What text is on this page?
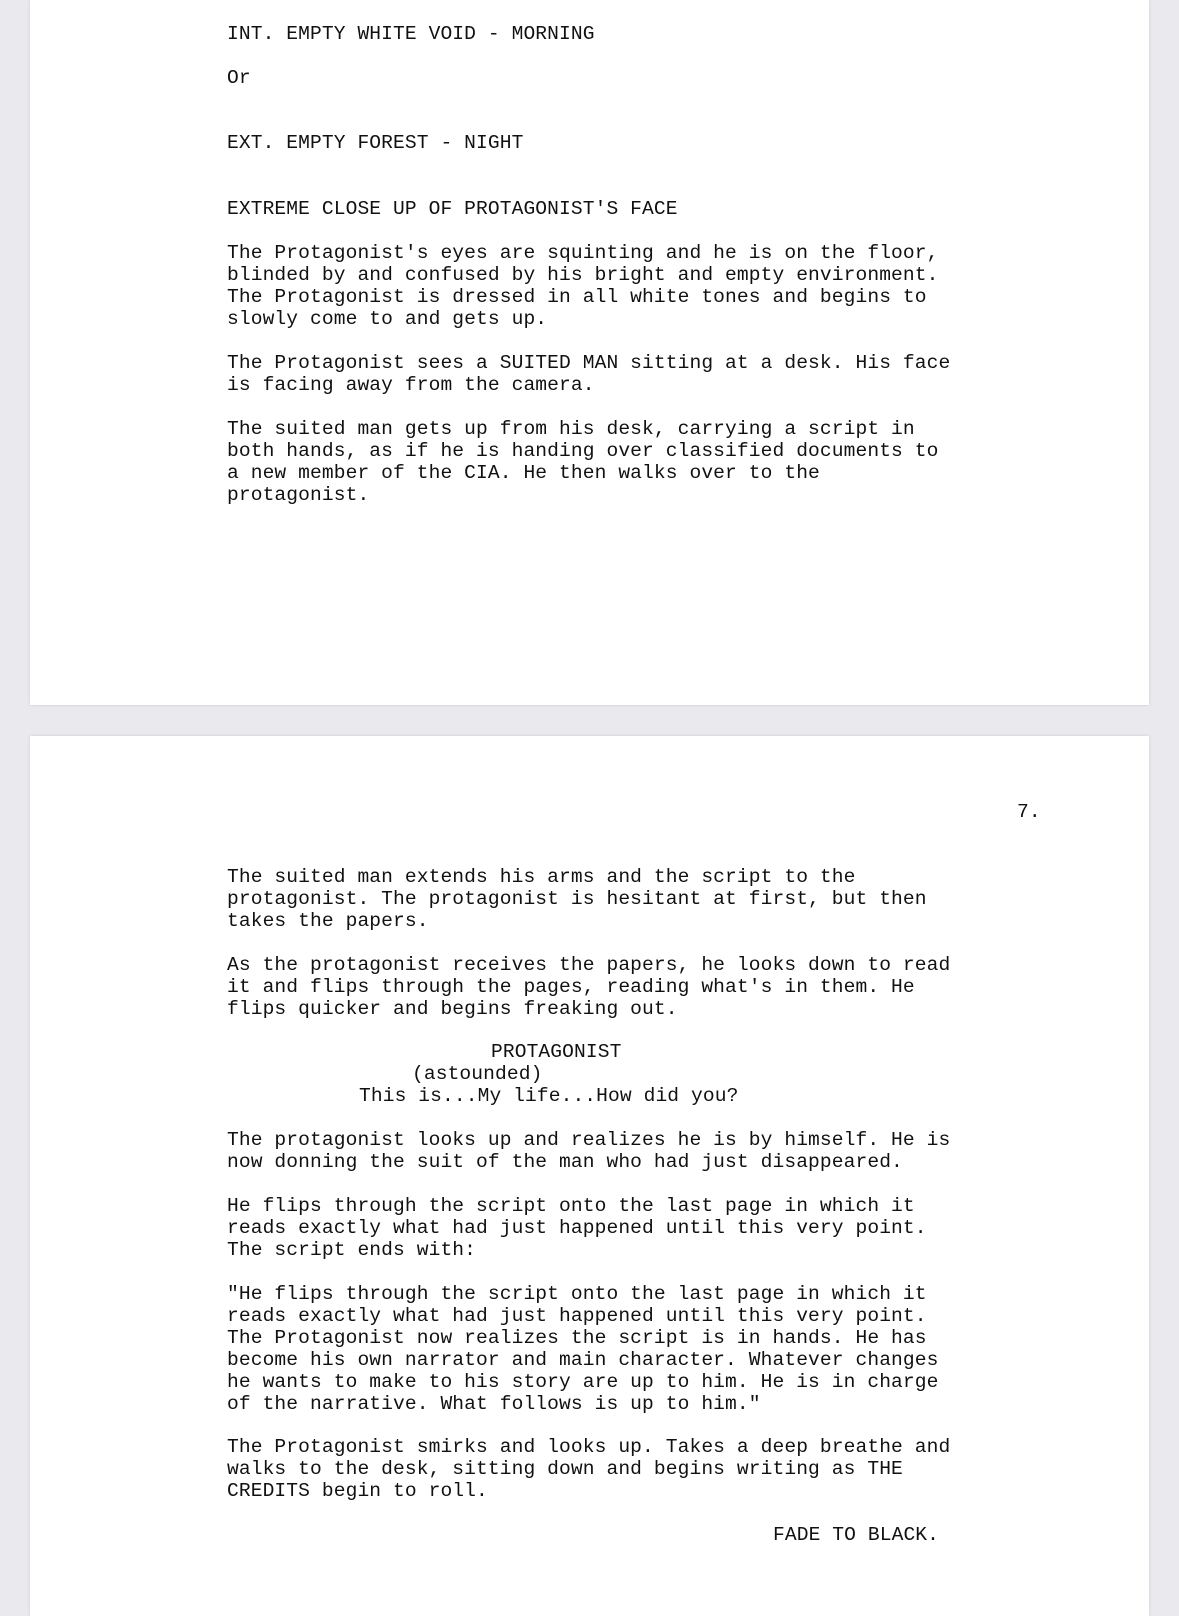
INT. EMPTY WHITE VOID - MORNING
Or
EXT. EMPTY FOREST - NIGHT
EXTREME CLOSE UP OF PROTAGONIST'S FACE
The Protagonist's eyes are squinting and he is on the floor,
blinded by and confused by his bright and empty environment.
The Protagonist is dressed in all white tones and begins to
slowly come to and gets up.
The Protagonist sees a SUITED MAN sitting at a desk. His face
is facing away from the camera.
The suited man gets up from his desk, carrying a script in
both hands, as if he is handing over classified documents to
a new member of the CIA. He then walks over to the
protagonist.
7.
The suited man extends his arms and the script to the
protagonist. The protagonist is hesitant at first, but then
takes the papers.
As the protagonist receives the papers, he looks down to read
it and flips through the pages, reading what's in them. He
flips quicker and begins freaking out.
PROTAGONIST
(astounded)
This is...My life...How did you?
The protagonist looks up and realizes he is by himself. He is
now donning the suit of the man who had just disappeared.
He flips through the script onto the last page in which it
reads exactly what had just happened until this very point.
The script ends with:
"He flips through the script onto the last page in which it
reads exactly what had just happened until this very point.
The Protagonist now realizes the script is in hands. He has
become his own narrator and main character. Whatever changes
he wants to make to his story are up to him. He is in charge
of the narrative. What follows is up to him."
The Protagonist smirks and looks up. Takes a deep breathe and
walks to the desk, sitting down and begins writing as THE
CREDITS begin to roll.
FADE TO BLACK.
